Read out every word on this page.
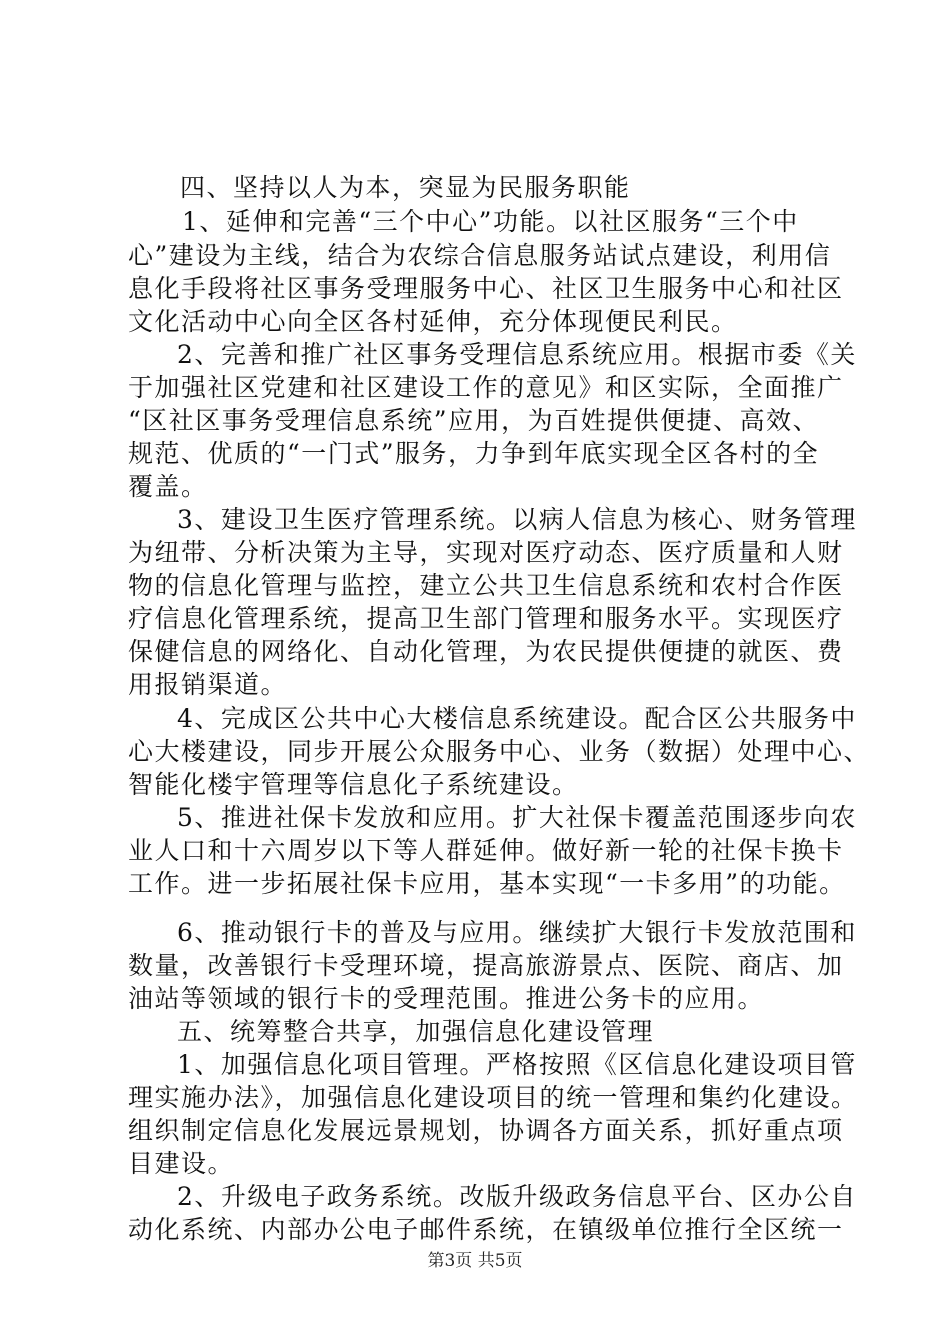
四、坚持以人为本，突显为民服务职能
1、延伸和完善“三个中心”功能。以社区服务“三个中
心”建设为主线，结合为农综合信息服务站试点建设，利用信
息化手段将社区事务受理服务中心、社区卫生服务中心和社区
文化活动中心向全区各村延伸，充分体现便民利民。
2、完善和推广社区事务受理信息系统应用。根据市委《关
于加强社区党建和社区建设工作的意见》和区实际，全面推广
“区社区事务受理信息系统”应用，为百姓提供便捷、高效、
规范、优质的“一门式”服务，力争到年底实现全区各村的全
覆盖。
3、建设卫生医疗管理系统。以病人信息为核心、财务管理
为纽带、分析决策为主导，实现对医疗动态、医疗质量和人财
物的信息化管理与监控，建立公共卫生信息系统和农村合作医
疗信息化管理系统，提高卫生部门管理和服务水平。实现医疗
保健信息的网络化、自动化管理，为农民提供便捷的就医、费
用报销渠道。
4、完成区公共中心大楼信息系统建设。配合区公共服务中
心大楼建设，同步开展公众服务中心、业务（数据）处理中心、
智能化楼宇管理等信息化子系统建设。
5、推进社保卡发放和应用。扩大社保卡覆盖范围逐步向农
业人口和十六周岁以下等人群延伸。做好新一轮的社保卡换卡
工作。进一步拓展社保卡应用，基本实现“一卡多用”的功能。
6、推动银行卡的普及与应用。继续扩大银行卡发放范围和
数量，改善银行卡受理环境，提高旅游景点、医院、商店、加
油站等领域的银行卡的受理范围。推进公务卡的应用。
五、统筹整合共享，加强信息化建设管理
1、加强信息化项目管理。严格按照《区信息化建设项目管
理实施办法》，加强信息化建设项目的统一管理和集约化建设。
组织制定信息化发展远景规划，协调各方面关系，抓好重点项
目建设。
2、升级电子政务系统。改版升级政务信息平台、区办公自
动化系统、内部办公电子邮件系统，在镇级单位推行全区统一
第3页 共5页
